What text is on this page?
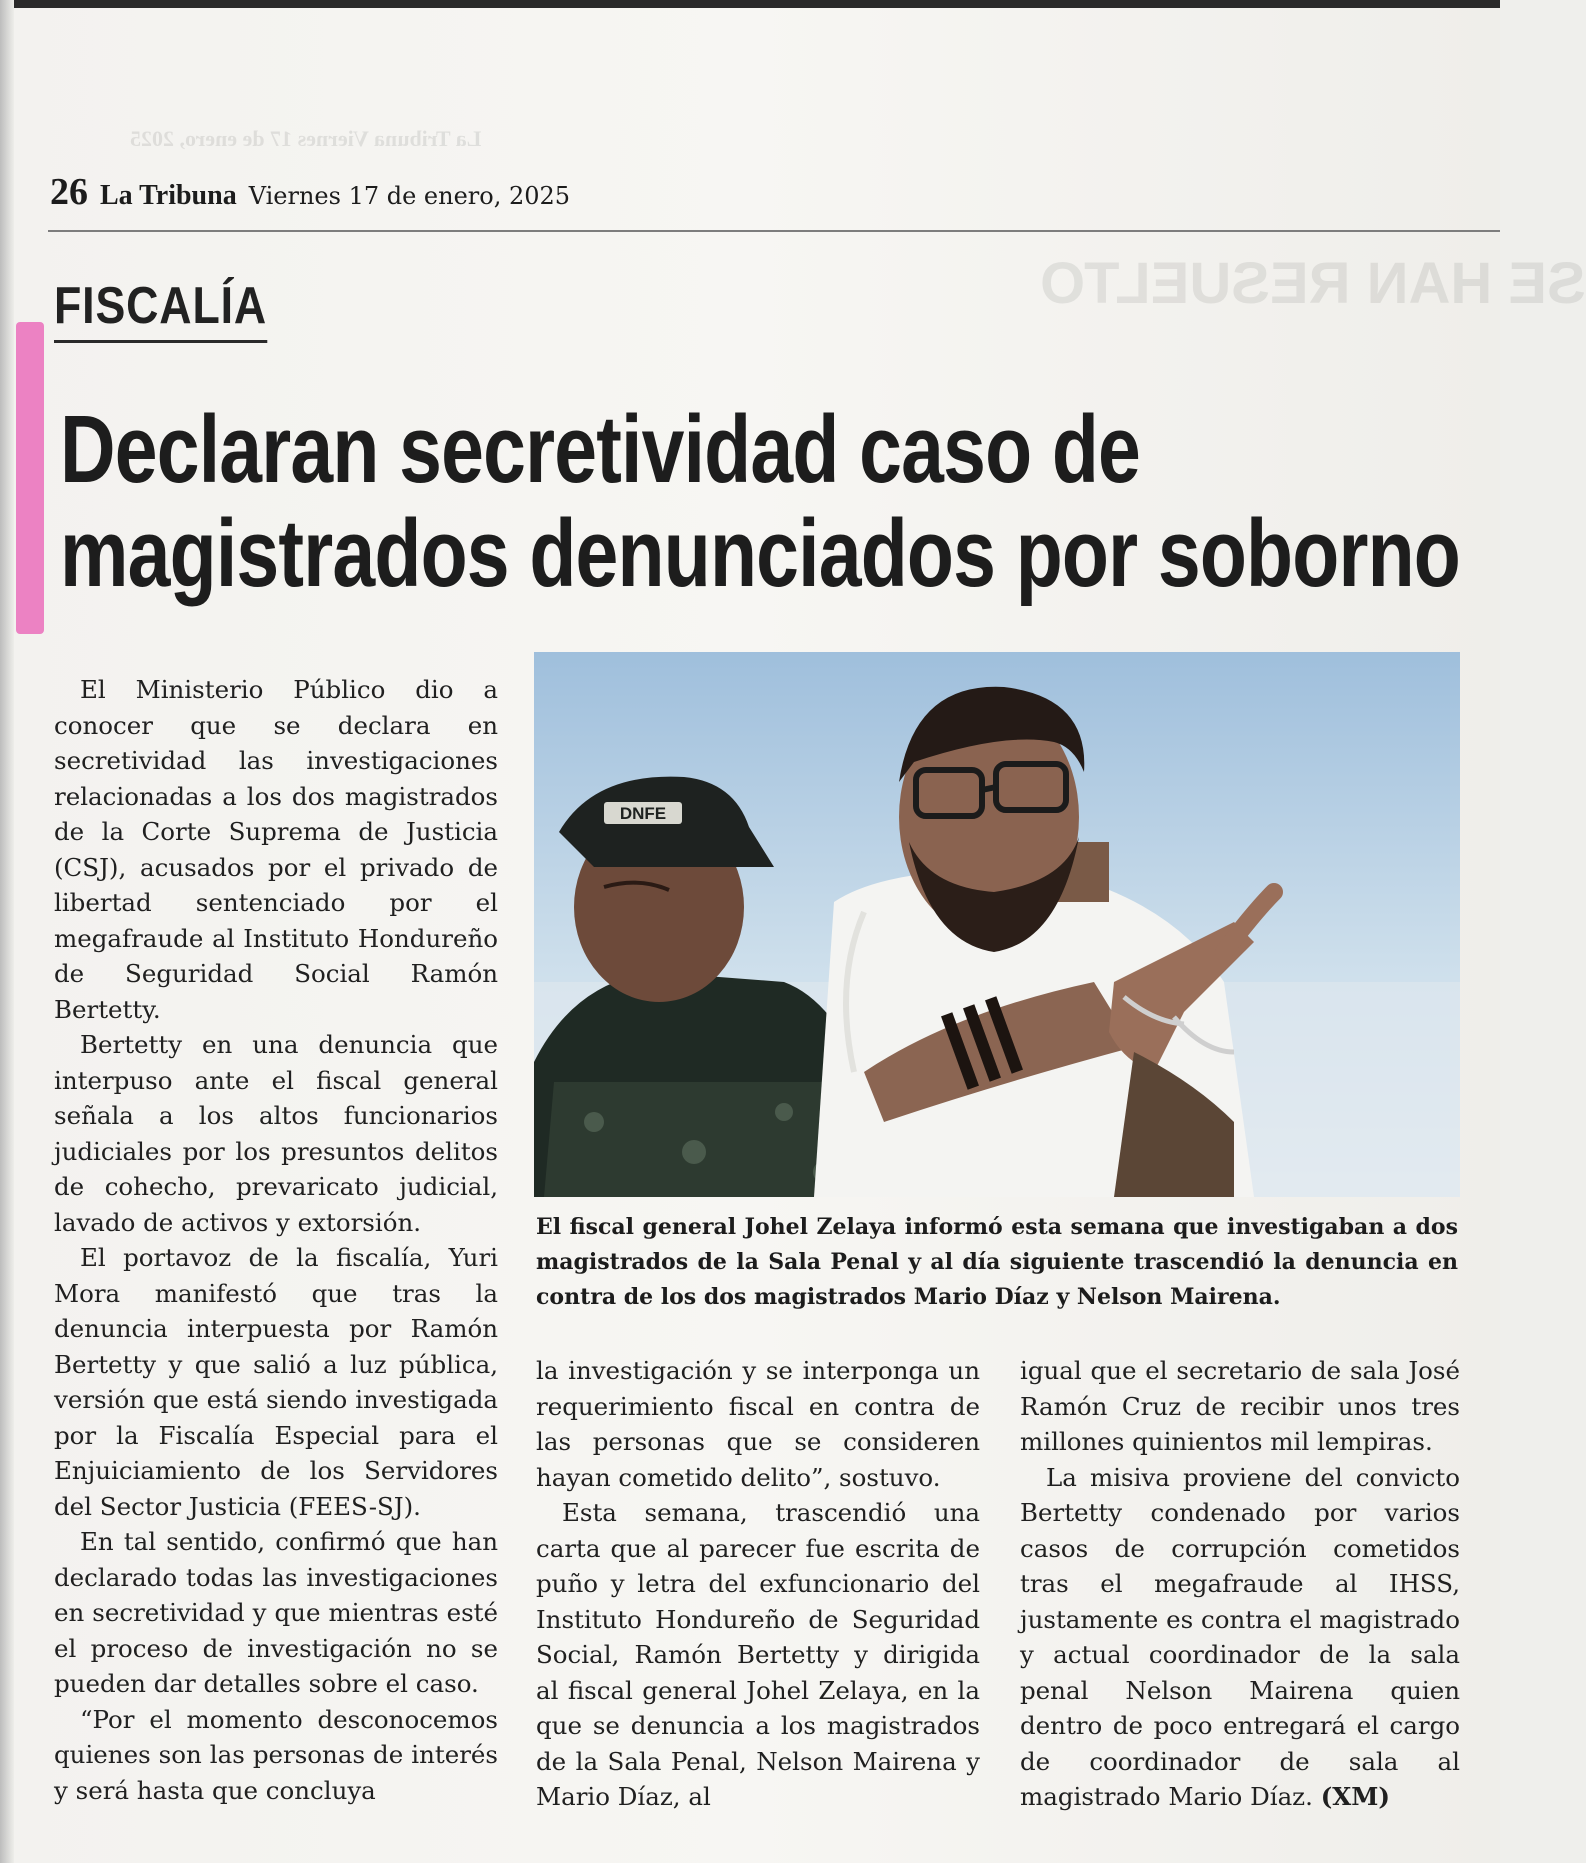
La Tribuna Viernes 17 de enero, 2025
SE HAN RESUELTO
26 La Tribuna Viernes 17 de enero, 2025
FISCALÍA
Declaran secretividad caso de
magistrados denunciados por soborno

El Ministerio Público dio a conocer que se declara en secretividad las investigaciones relacionadas a los dos magistrados de la Corte Suprema de Justicia (CSJ), acusados por el privado de libertad sentenciado por el megafraude al Instituto Hondureño de Seguridad Social Ramón Bertetty.

Bertetty en una denuncia que interpuso ante el fiscal general señala a los altos funcionarios judiciales por los presuntos delitos de cohecho, prevaricato judicial, lavado de activos y extorsión.

El portavoz de la fiscalía, Yuri Mora manifestó que tras la denuncia interpuesta por Ramón Bertetty y que salió a luz pública, versión que está siendo investigada por la Fiscalía Especial para el Enjuiciamiento de los Servidores del Sector Justicia (FEES-SJ).

En tal sentido, confirmó que han declarado todas las investigaciones en secretividad y que mientras esté el proceso de investigación no se pueden dar detalles sobre el caso.

“Por el momento desconocemos quienes son las personas de interés y será hasta que concluya

DNFE
El fiscal general Johel Zelaya informó esta semana que investigaban a dos magistrados de la Sala Penal y al día siguiente trascendió la denuncia en contra de los dos magistrados Mario Díaz y Nelson Mairena.

la investigación y se interponga un requerimiento fiscal en contra de las personas que se consideren hayan cometido delito”, sostuvo.

Esta semana, trascendió una carta que al parecer fue escrita de puño y letra del exfuncionario del Instituto Hondureño de Seguridad Social, Ramón Bertetty y dirigida al fiscal general Johel Zelaya, en la que se denuncia a los magistrados de la Sala Penal, Nelson Mairena y Mario Díaz, al

igual que el secretario de sala José Ramón Cruz de recibir unos tres millones quinientos mil lempiras.

La misiva proviene del convicto Bertetty condenado por varios casos de corrupción cometidos tras el megafraude al IHSS, justamente es contra el magistrado y actual coordinador de la sala penal Nelson Mairena quien dentro de poco entregará el cargo de coordinador de sala al magistrado Mario Díaz. (XM)
